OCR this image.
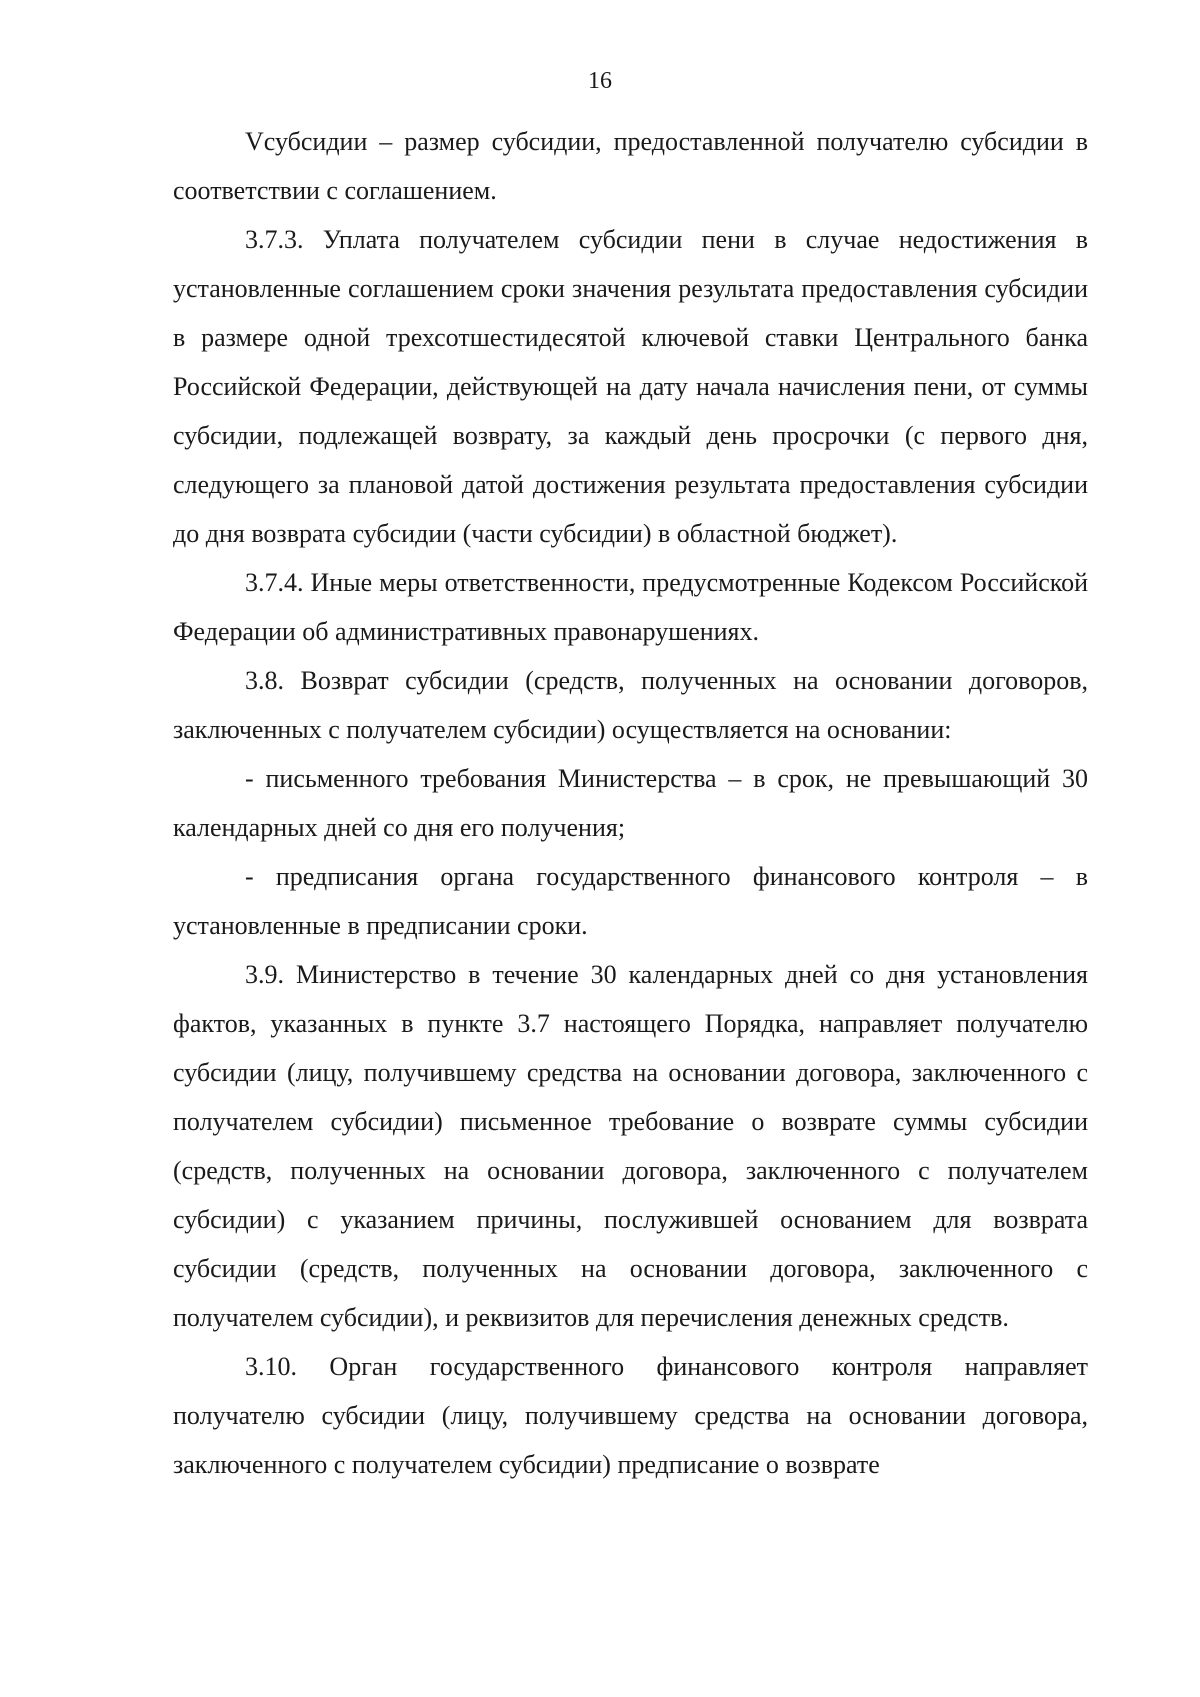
16

Vсубсидии – размер субсидии, предоставленной получателю субсидии в соответствии с соглашением.

3.7.3. Уплата получателем субсидии пени в случае недостижения в установленные соглашением сроки значения результата предоставления субсидии в размере одной трехсотшестидесятой ключевой ставки Центрального банка Российской Федерации, действующей на дату начала начисления пени, от суммы субсидии, подлежащей возврату, за каждый день просрочки (с первого дня, следующего за плановой датой достижения результата предоставления субсидии до дня возврата субсидии (части субсидии) в областной бюджет).

3.7.4. Иные меры ответственности, предусмотренные Кодексом Российской Федерации об административных правонарушениях.

3.8. Возврат субсидии (средств, полученных на основании договоров, заключенных с получателем субсидии) осуществляется на основании:

- письменного требования Министерства – в срок, не превышающий 30 календарных дней со дня его получения;

- предписания органа государственного финансового контроля – в установленные в предписании сроки.

3.9. Министерство в течение 30 календарных дней со дня установления фактов, указанных в пункте 3.7 настоящего Порядка, направляет получателю субсидии (лицу, получившему средства на основании договора, заключенного с получателем субсидии) письменное требование о возврате суммы субсидии (средств, полученных на основании договора, заключенного с получателем субсидии) с указанием причины, послужившей основанием для возврата субсидии (средств, полученных на основании договора, заключенного с получателем субсидии), и реквизитов для перечисления денежных средств.

3.10. Орган государственного финансового контроля направляет получателю субсидии (лицу, получившему средства на основании договора, заключенного с получателем субсидии) предписание о возврате
